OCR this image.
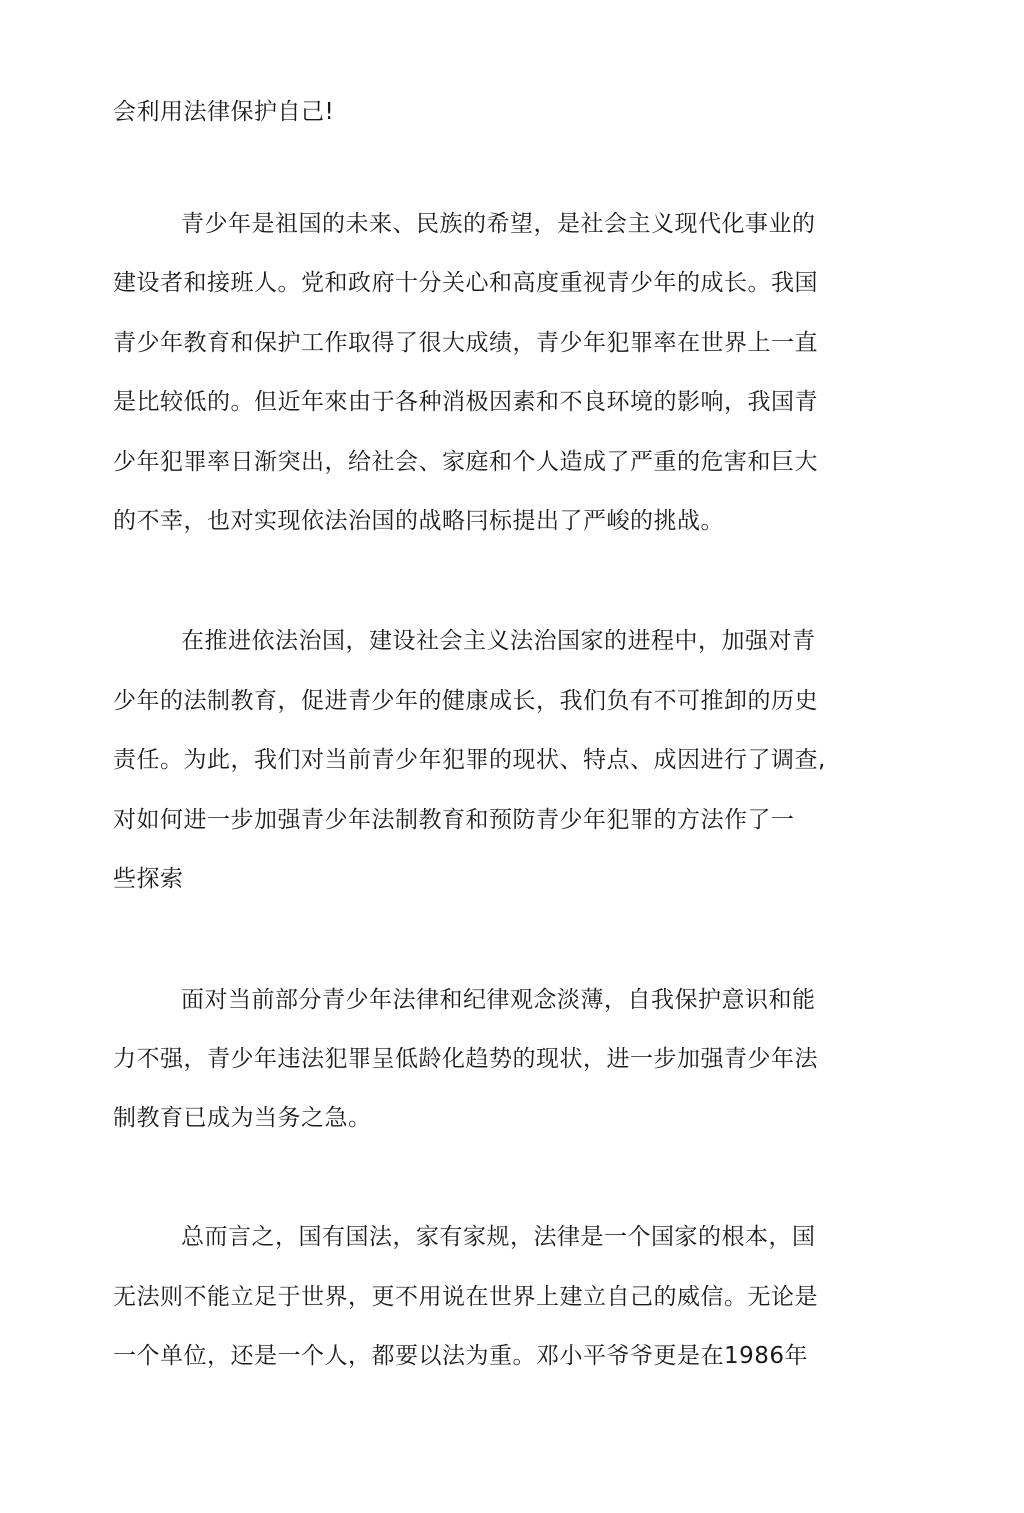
会利用法律保护自己!
青少年是祖国的未来、民族的希望，是社会主义现代化事业的
建设者和接班人。党和政府十分关心和高度重视青少年的成长。我国
青少年教育和保护工作取得了很大成绩，青少年犯罪率在世界上一直
是比较低的。但近年來由于各种消极因素和不良环境的影响，我国青
少年犯罪率日渐突出，给社会、家庭和个人造成了严重的危害和巨大
的不幸，也对实现依法治国的战略冃标提出了严峻的挑战。
在推进依法治国，建设社会主义法治国家的进程中，加强对青
少年的法制教育，促进青少年的健康成长，我们负有不可推卸的历史
责任。为此，我们对当前青少年犯罪的现状、特点、成因进行了调查,
对如何进一步加强青少年法制教育和预防青少年犯罪的方法作了一
些探索
面对当前部分青少年法律和纪律观念淡薄，自我保护意识和能
力不强，青少年违法犯罪呈低龄化趋势的现状，进一步加强青少年法
制教育已成为当务之急。
总而言之，国有国法，家有家规，法律是一个国家的根本，国
无法则不能立足于世界，更不用说在世界上建立自己的威信。无论是
一个单位，还是一个人，都要以法为重。邓小平爷爷更是在1986年
